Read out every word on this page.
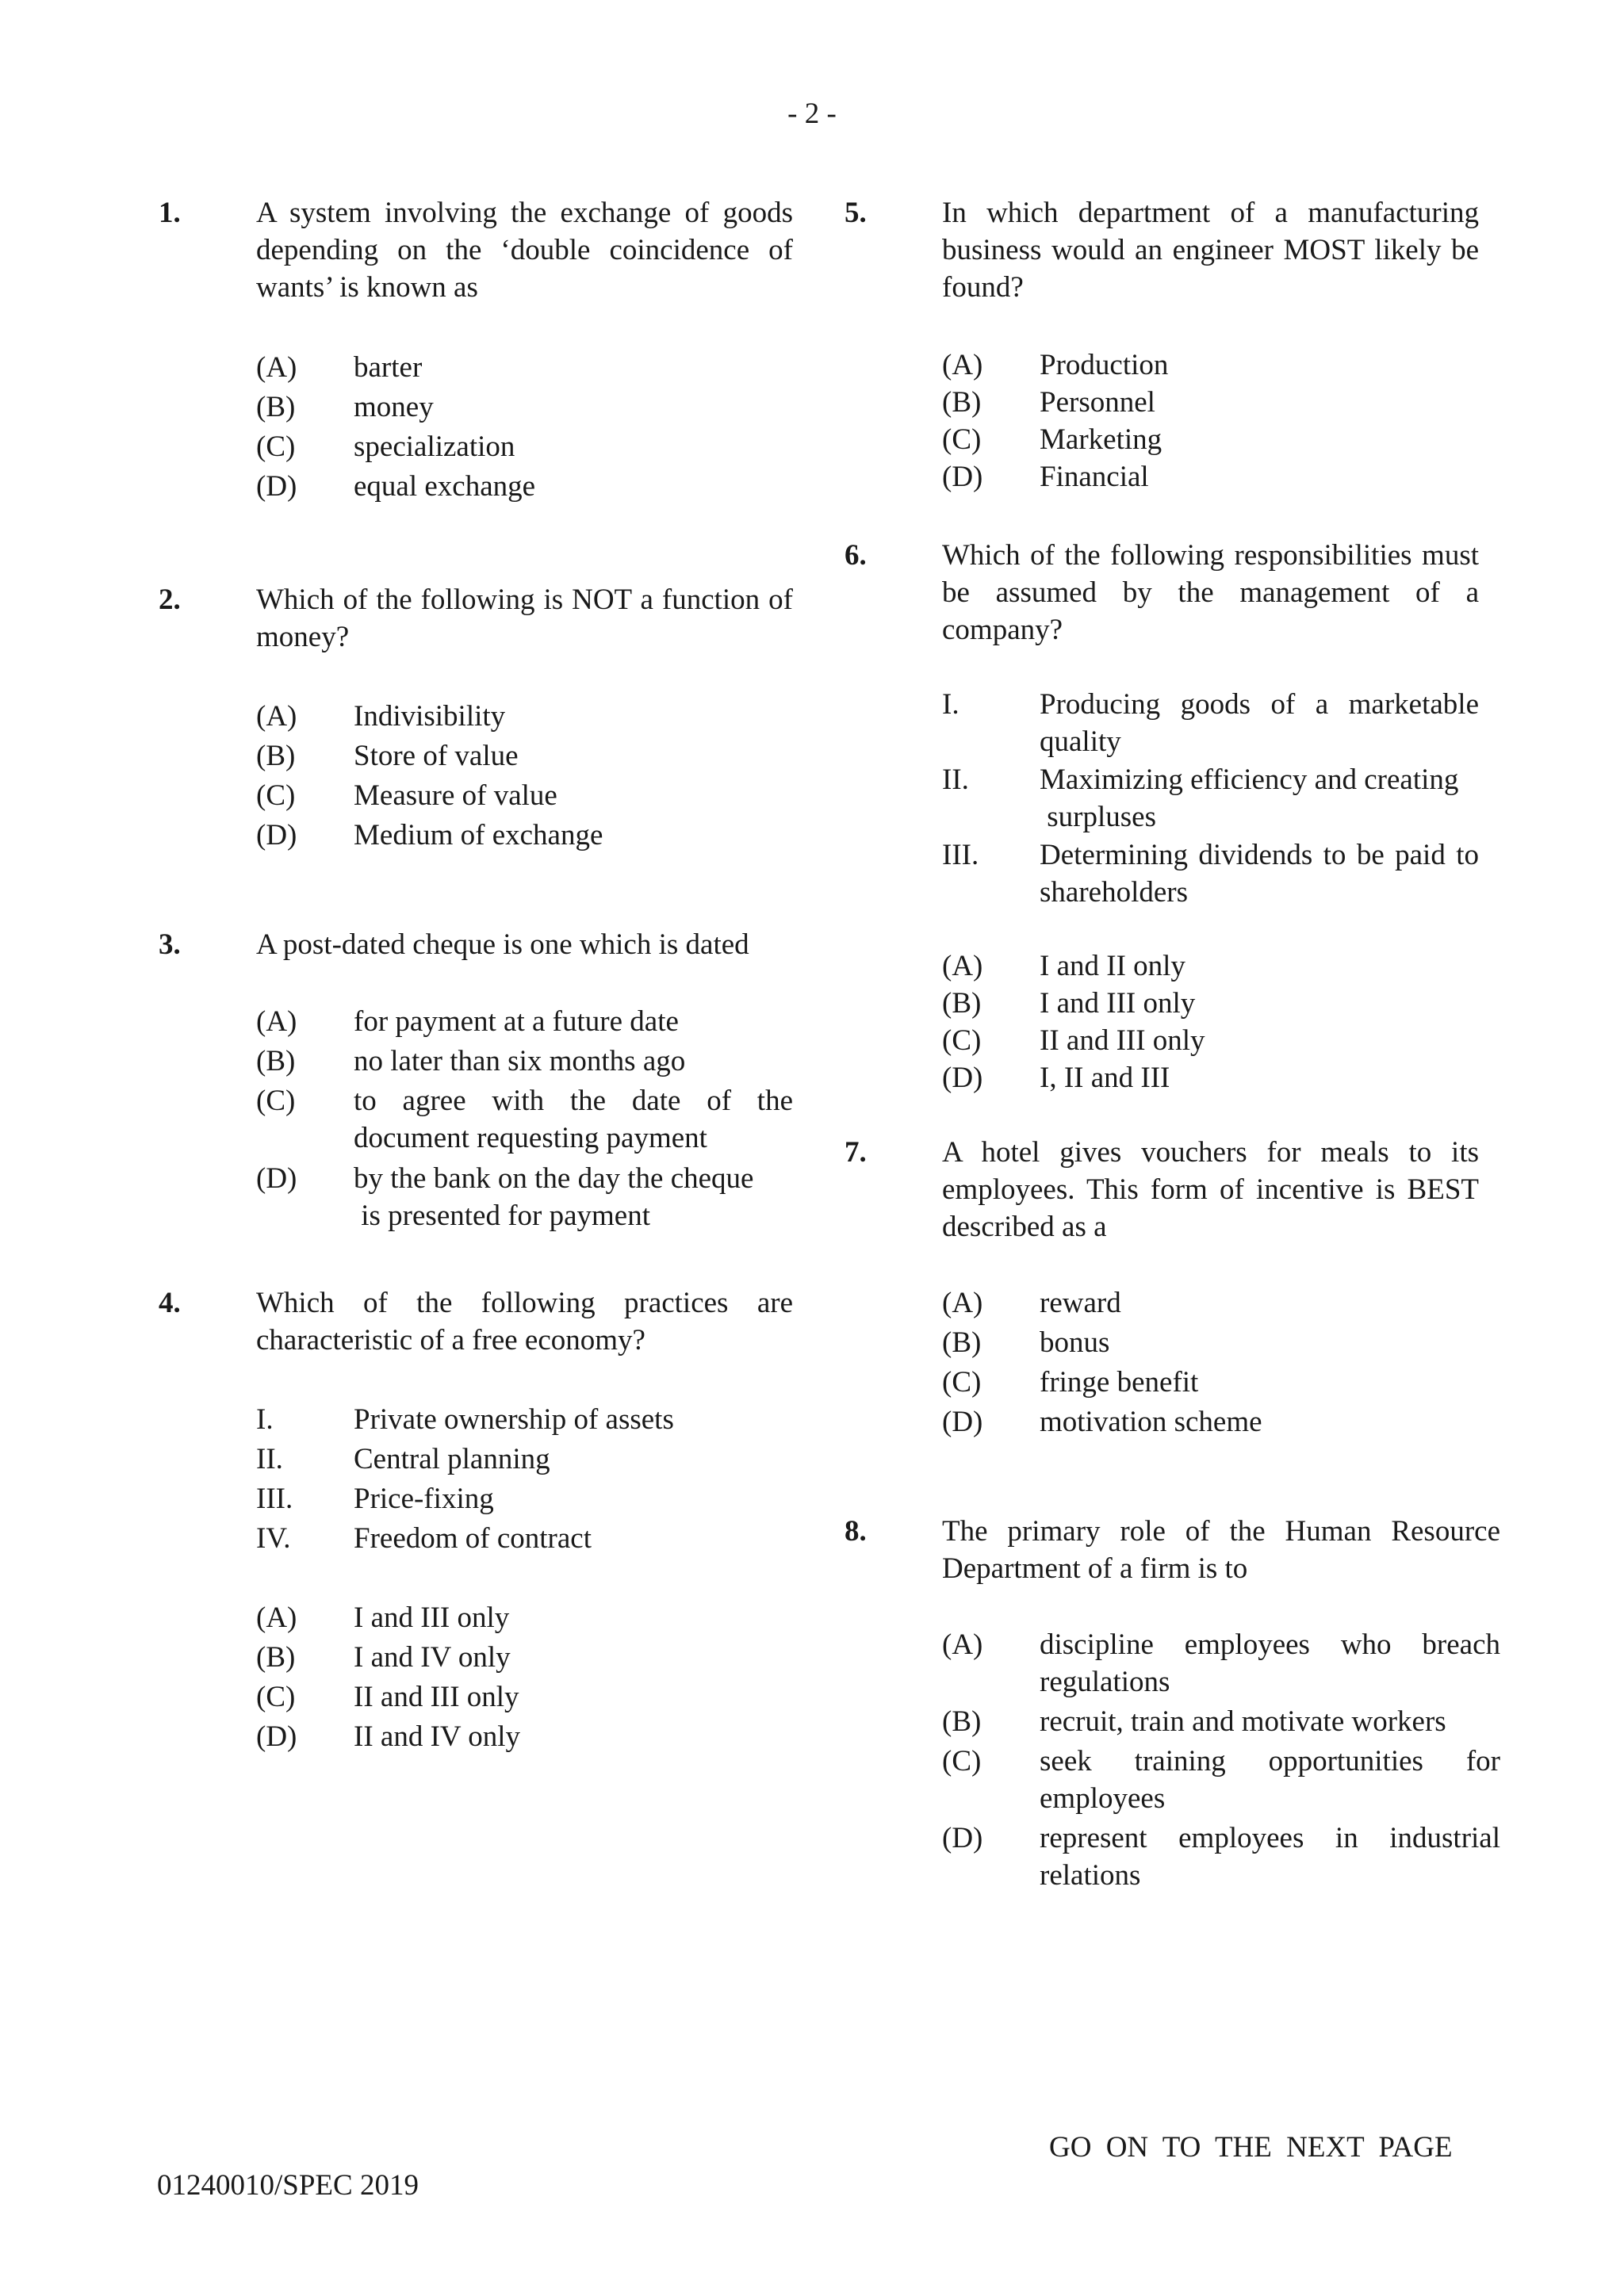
- 2 -
1.	A system involving the exchange of goods
depending on the ‘double coincidence of
wants’ is known as
(A) barter
(B) money
(C) specialization
(D) equal exchange
2.	Which of the following is NOT a function of
money?
(A) Indivisibility
(B) Store of value
(C) Measure of value
(D) Medium of exchange
3.	A post-dated cheque is one which is dated
(A) for payment at a future date
(B) no later than six months ago
(C) to agree with the date of the
document requesting payment
(D) by the bank on the day the cheque
is presented for payment
4.	Which of the following practices are
characteristic of a free economy?
I.	Private ownership of assets
II. Central planning
III. Price-fixing
IV. Freedom of contract
(A) I and III only
(B) I and IV only
(C) II and III only
(D) II and IV only
5.	In which department of a manufacturing
business would an engineer MOST likely be
found?
(A) Production
(B) Personnel
(C) Marketing
(D) Financial
6.	Which of the following responsibilities must
be assumed by the management of a
company?
I.	Producing goods of a marketable
quality
II. Maximizing efficiency and creating
surpluses
III. Determining dividends to be paid to
shareholders
(A) I and II only
(B) I and III only
(C) II and III only
(D) I, II and III
7.	A hotel gives vouchers for meals to its
employees. This form of incentive is BEST
described as a
(A) reward
(B) bonus
(C) fringe benefit
(D) motivation scheme
8.	The primary role of the Human Resource
Department of a firm is to
(A) discipline employees who breach
regulations
(B) recruit, train and motivate workers
(C) seek training opportunities for
employees
(D) represent employees in industrial
relations
GO ON TO THE NEXT PAGE
01240010/SPEC 2019
